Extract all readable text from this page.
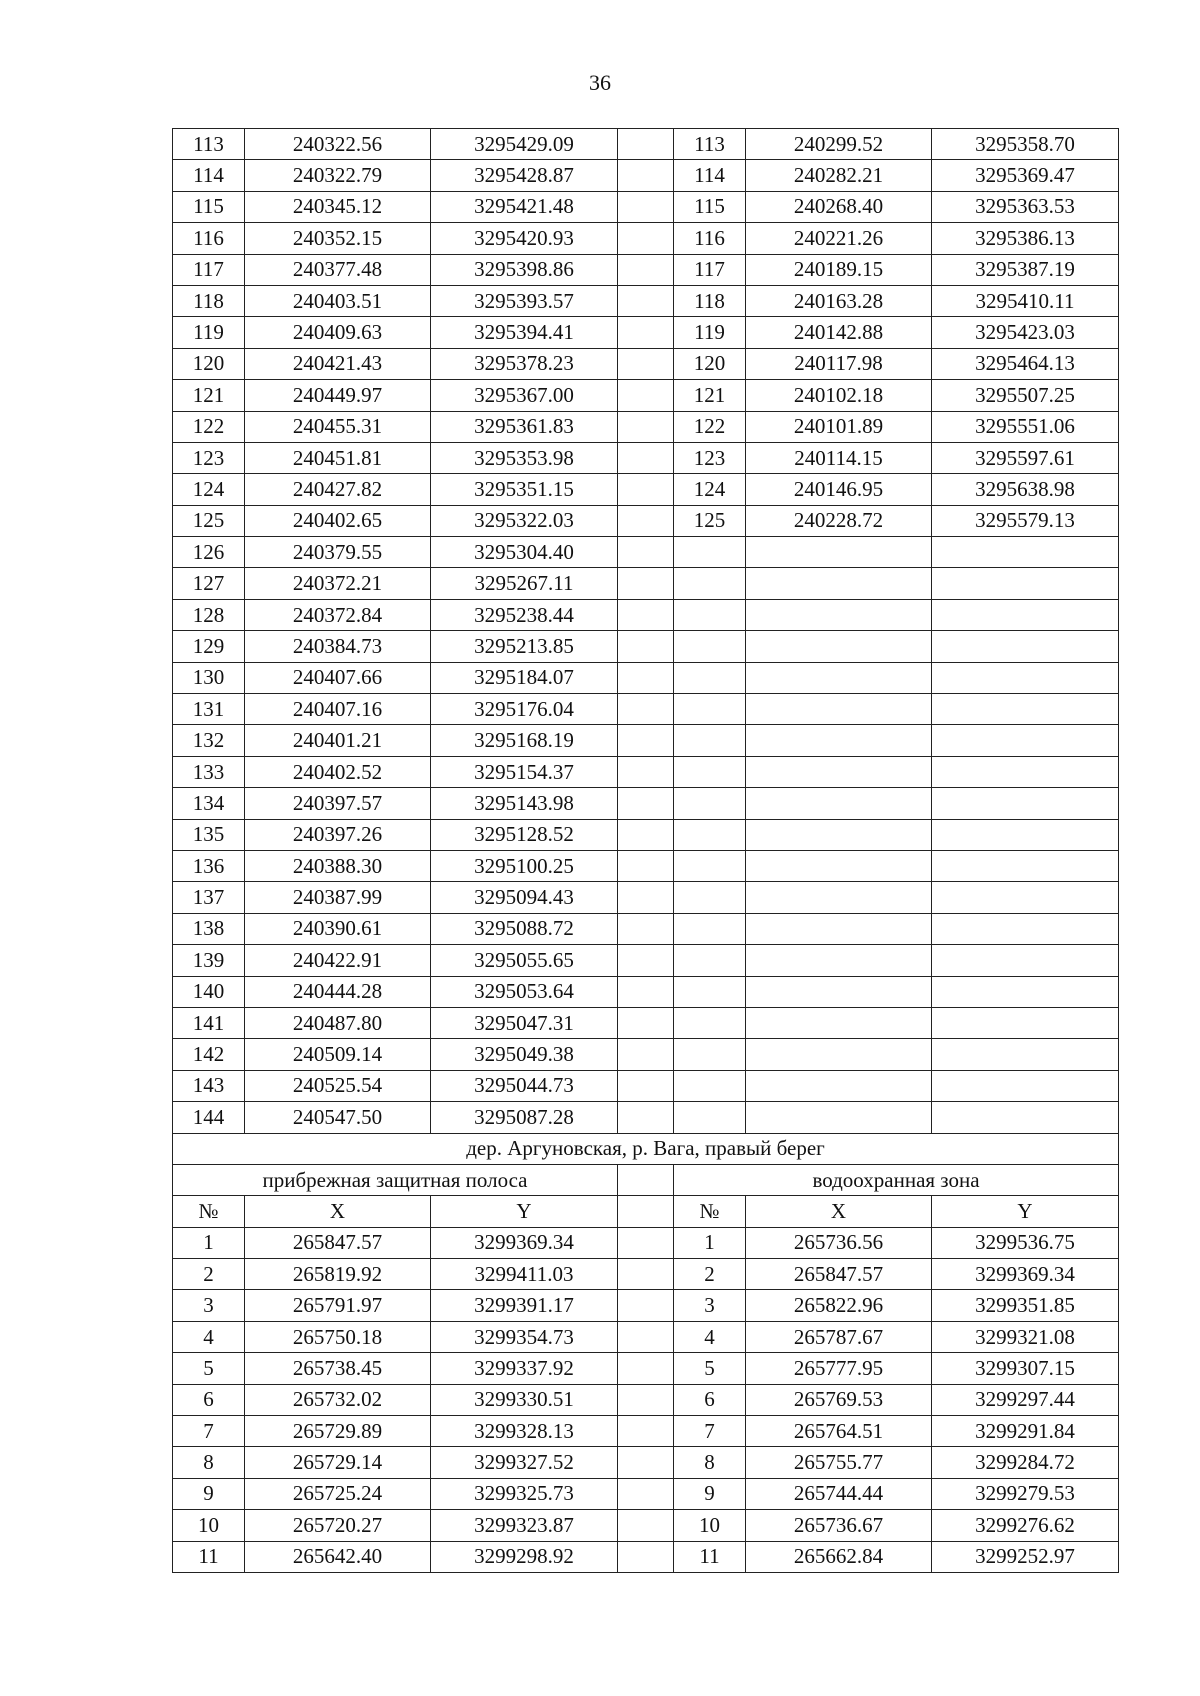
36
113	240322.56	3295429.09		113	240299.52	3295358.70
114	240322.79	3295428.87		114	240282.21	3295369.47
115	240345.12	3295421.48		115	240268.40	3295363.53
116	240352.15	3295420.93		116	240221.26	3295386.13
117	240377.48	3295398.86		117	240189.15	3295387.19
118	240403.51	3295393.57		118	240163.28	3295410.11
119	240409.63	3295394.41		119	240142.88	3295423.03
120	240421.43	3295378.23		120	240117.98	3295464.13
121	240449.97	3295367.00		121	240102.18	3295507.25
122	240455.31	3295361.83		122	240101.89	3295551.06
123	240451.81	3295353.98		123	240114.15	3295597.61
124	240427.82	3295351.15		124	240146.95	3295638.98
125	240402.65	3295322.03		125	240228.72	3295579.13
126	240379.55	3295304.40				
127	240372.21	3295267.11				
128	240372.84	3295238.44				
129	240384.73	3295213.85				
130	240407.66	3295184.07				
131	240407.16	3295176.04				
132	240401.21	3295168.19				
133	240402.52	3295154.37				
134	240397.57	3295143.98				
135	240397.26	3295128.52				
136	240388.30	3295100.25				
137	240387.99	3295094.43				
138	240390.61	3295088.72				
139	240422.91	3295055.65				
140	240444.28	3295053.64				
141	240487.80	3295047.31				
142	240509.14	3295049.38				
143	240525.54	3295044.73				
144	240547.50	3295087.28				
дер. Аргуновская, р. Вага, правый берег						
прибрежная защитная полоса				водоохранная зона		
№	X	Y		№	X	Y
1	265847.57	3299369.34		1	265736.56	3299536.75
2	265819.92	3299411.03		2	265847.57	3299369.34
3	265791.97	3299391.17		3	265822.96	3299351.85
4	265750.18	3299354.73		4	265787.67	3299321.08
5	265738.45	3299337.92		5	265777.95	3299307.15
6	265732.02	3299330.51		6	265769.53	3299297.44
7	265729.89	3299328.13		7	265764.51	3299291.84
8	265729.14	3299327.52		8	265755.77	3299284.72
9	265725.24	3299325.73		9	265744.44	3299279.53
10	265720.27	3299323.87		10	265736.67	3299276.62
11	265642.40	3299298.92		11	265662.84	3299252.97
